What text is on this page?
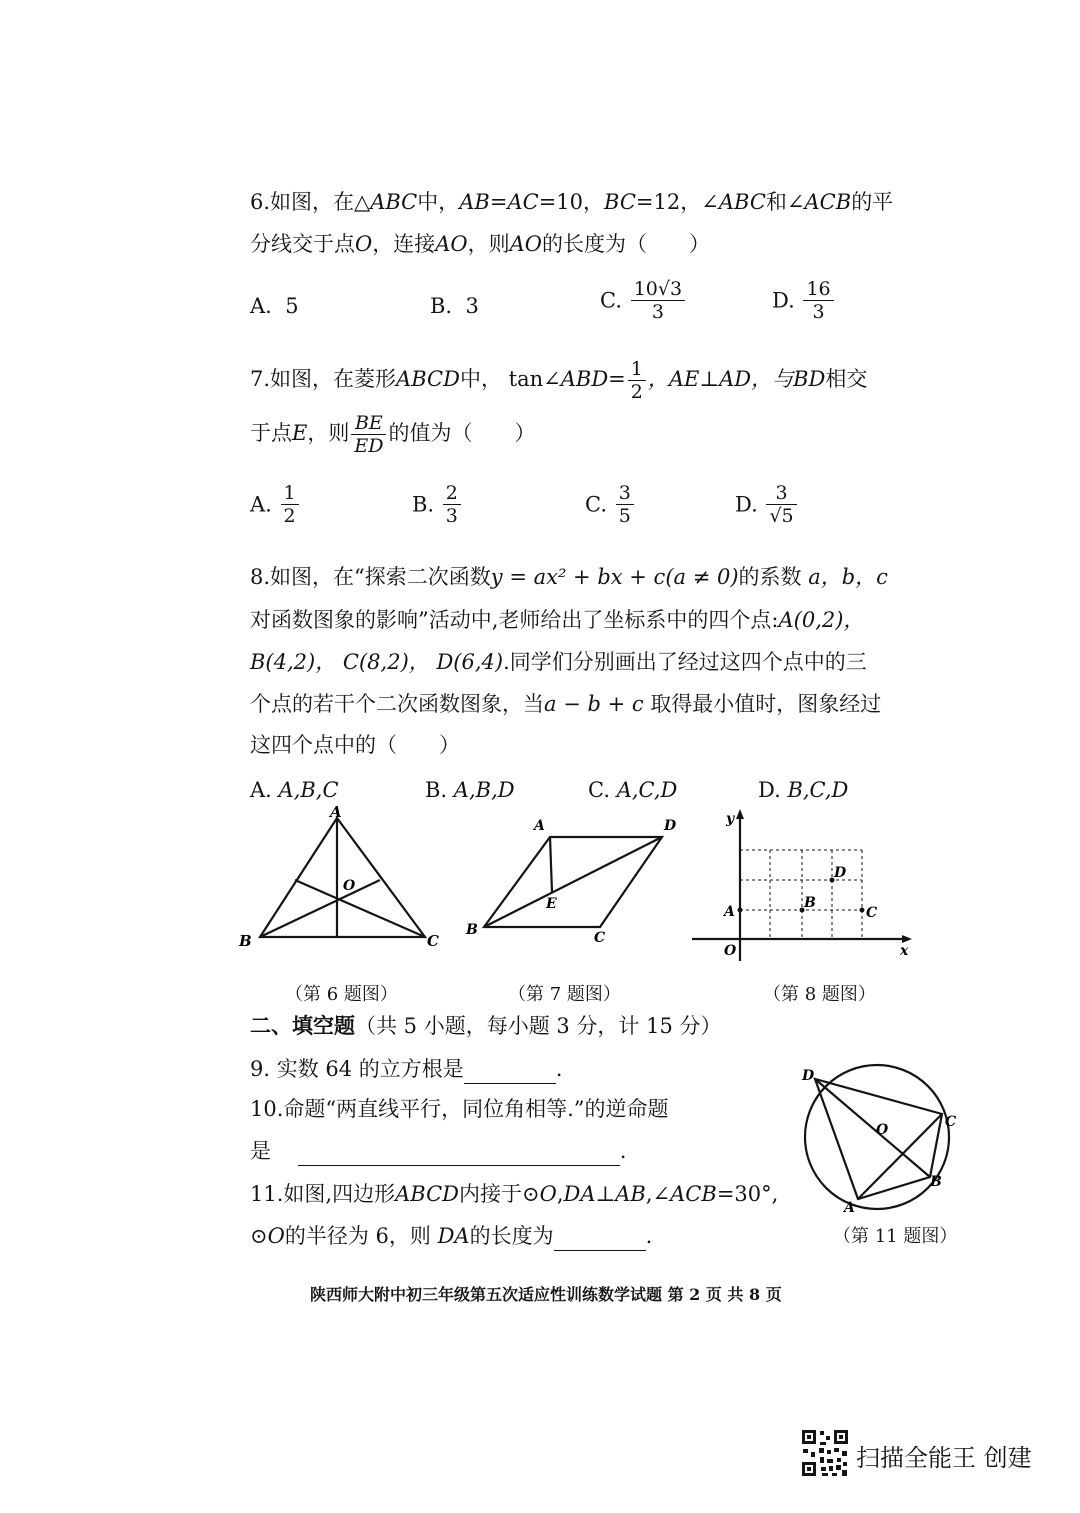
6.如图，在△ABC中，AB=AC=10，BC=12，∠ABC和∠ACB的平
分线交于点O，连接AO，则AO的长度为（　　）
A. 5	B. 3	C. $\frac{10√3}{3}$	D. $\frac{16}{3}$
7.如图，在菱形ABCD中， tan∠ABD= $\frac{1}{2}$ ，AE⊥AD，与BD相交
于点E，则 $\frac{BE}{ED}$ 的值为（　　）
A. $\frac{1}{2}$	B. $\frac{2}{3}$	C. $\frac{3}{5}$	D. $\frac{3}{√5}$
8.如图，在“探索二次函数y = ax² + bx + c(a ≠ 0)的系数 a，b，c
对函数图象的影响”活动中,老师给出了坐标系中的四个点:A(0,2)，
B(4,2)， C(8,2)， D(6,4).同学们分别画出了经过这四个点中的三
个点的若干个二次函数图象，当a − b + c 取得最小值时，图象经过
这四个点中的（　　）
A. A,B,C	B. A,B,D	C. A,C,D	D. B,C,D
A
B	C
O
A	D
B	C
E
y
x
O
A
B
C
D
（第 6 题图）	（第 7 题图）	（第 8 题图）
二、填空题（共 5 小题，每小题 3 分，计 15 分）
9. 实数 64 的立方根是	.
10.命题“两直线平行，同位角相等.”的逆命题
是	.
11.如图,四边形ABCD内接于⊙O,DA⊥AB,∠ACB=30°,
⊙O的半径为 6，则 DA的长度为	.
D
C
B
A
O
（第 11 题图）
陕西师大附中初三年级第五次适应性训练数学试题 第 2 页 共 8 页
扫描全能王 创建
